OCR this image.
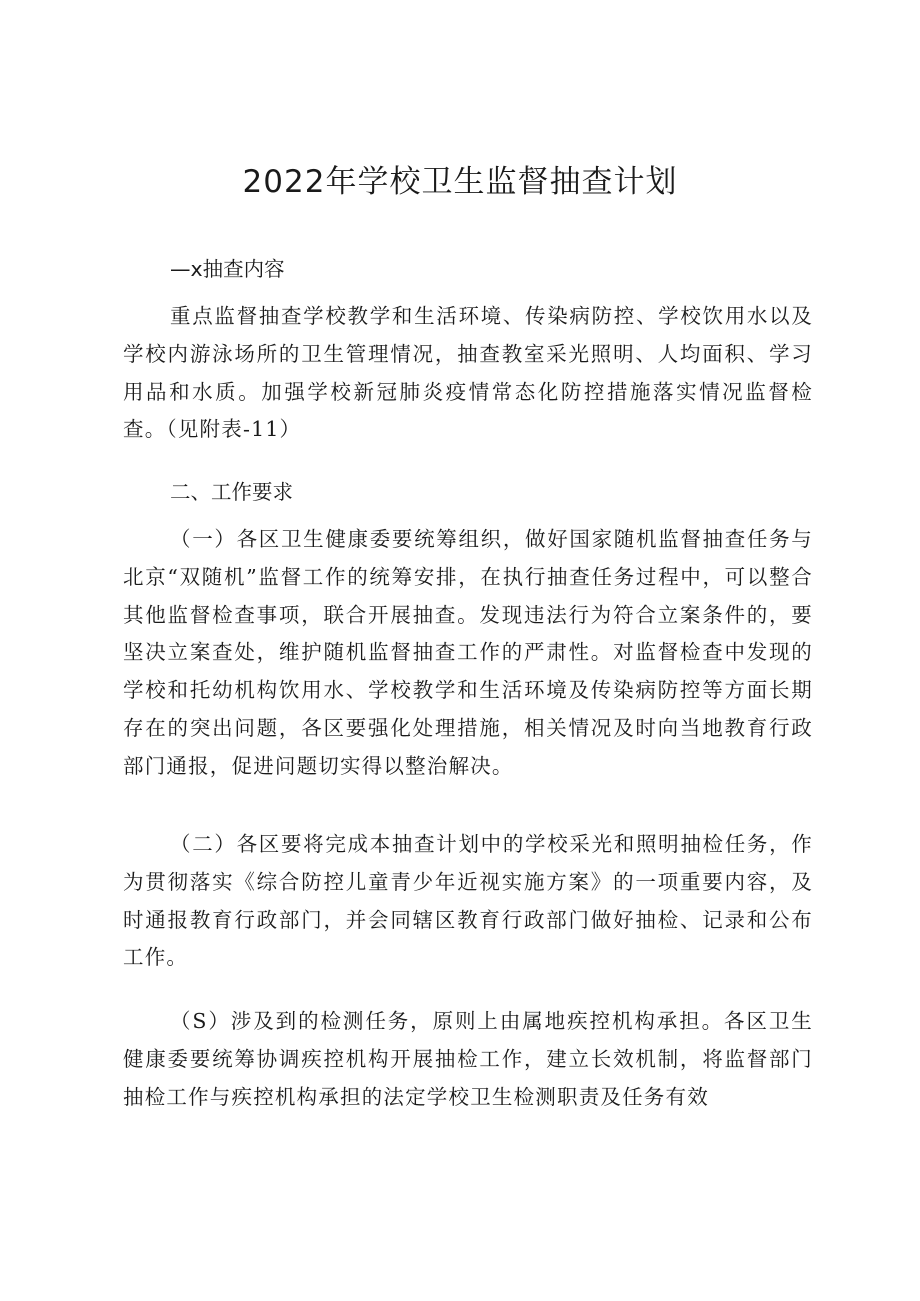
2022年学校卫生监督抽查计划
—x抽查内容

重点监督抽查学校教学和生活环境、传染病防控、学校饮用水以及学校内游泳场所的卫生管理情况，抽查教室采光照明、人均面积、学习用品和水质。加强学校新冠肺炎疫情常态化防控措施落实情况监督检查。（见附表-11）

二、工作要求

（一）各区卫生健康委要统筹组织，做好国家随机监督抽查任务与北京“双随机”监督工作的统筹安排，在执行抽查任务过程中，可以整合其他监督检查事项，联合开展抽查。发现违法行为符合立案条件的，要坚决立案查处，维护随机监督抽查工作的严肃性。对监督检查中发现的学校和托幼机构饮用水、学校教学和生活环境及传染病防控等方面长期存在的突出问题，各区要强化处理措施，相关情况及时向当地教育行政部门通报，促进问题切实得以整治解决。

（二）各区要将完成本抽查计划中的学校采光和照明抽检任务，作为贯彻落实《综合防控儿童青少年近视实施方案》的一项重要内容，及时通报教育行政部门，并会同辖区教育行政部门做好抽检、记录和公布工作。

（S）涉及到的检测任务，原则上由属地疾控机构承担。各区卫生健康委要统筹协调疾控机构开展抽检工作，建立长效机制，将监督部门抽检工作与疾控机构承担的法定学校卫生检测职责及任务有效
